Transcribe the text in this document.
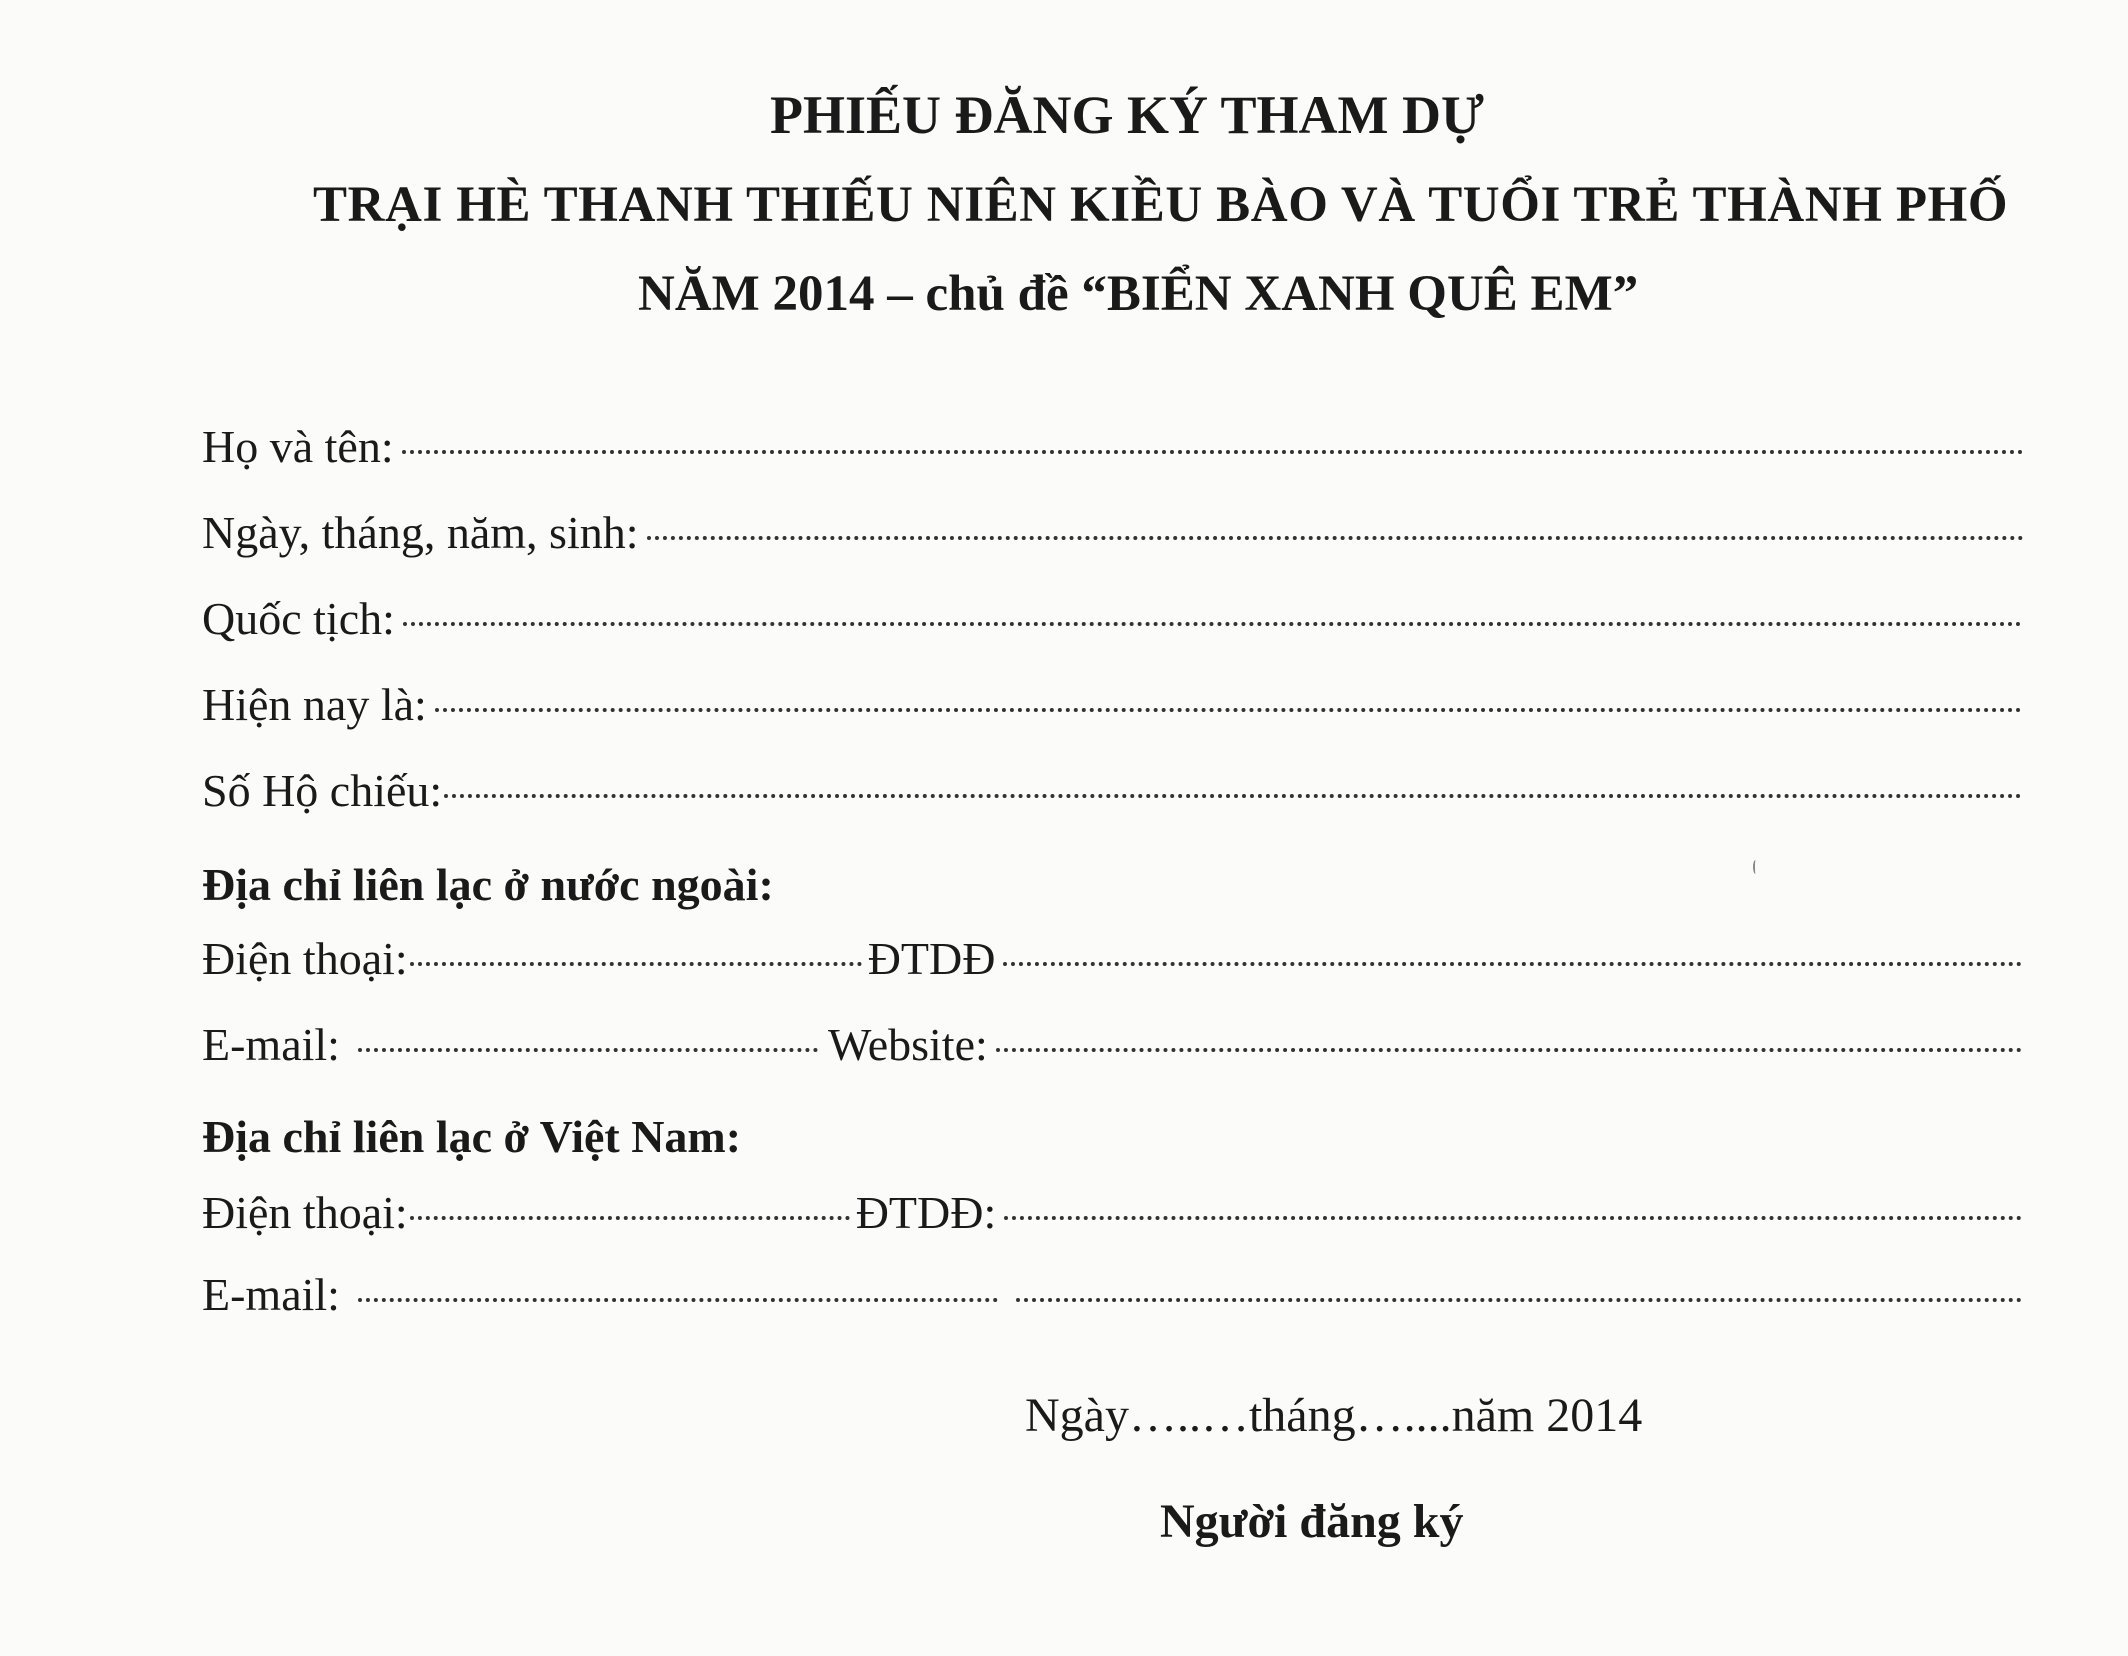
PHIẾU ĐĂNG KÝ THAM DỰ
TRẠI HÈ THANH THIẾU NIÊN KIỀU BÀO VÀ TUỔI TRẺ THÀNH PHỐ
NĂM 2014 – chủ đề “BIỂN XANH QUÊ EM”
Họ và tên:
Ngày, tháng, năm, sinh:
Quốc tịch:
Hiện nay là:
Số Hộ chiếu:
Địa chỉ liên lạc ở nước ngoài:
Điện thoại:	ĐTDĐ
E-mail:	Website:
Địa chỉ liên lạc ở Việt Nam:
Điện thoại:	ĐTDĐ:
E-mail:
Ngày…..…tháng…....năm 2014
Người đăng ký
